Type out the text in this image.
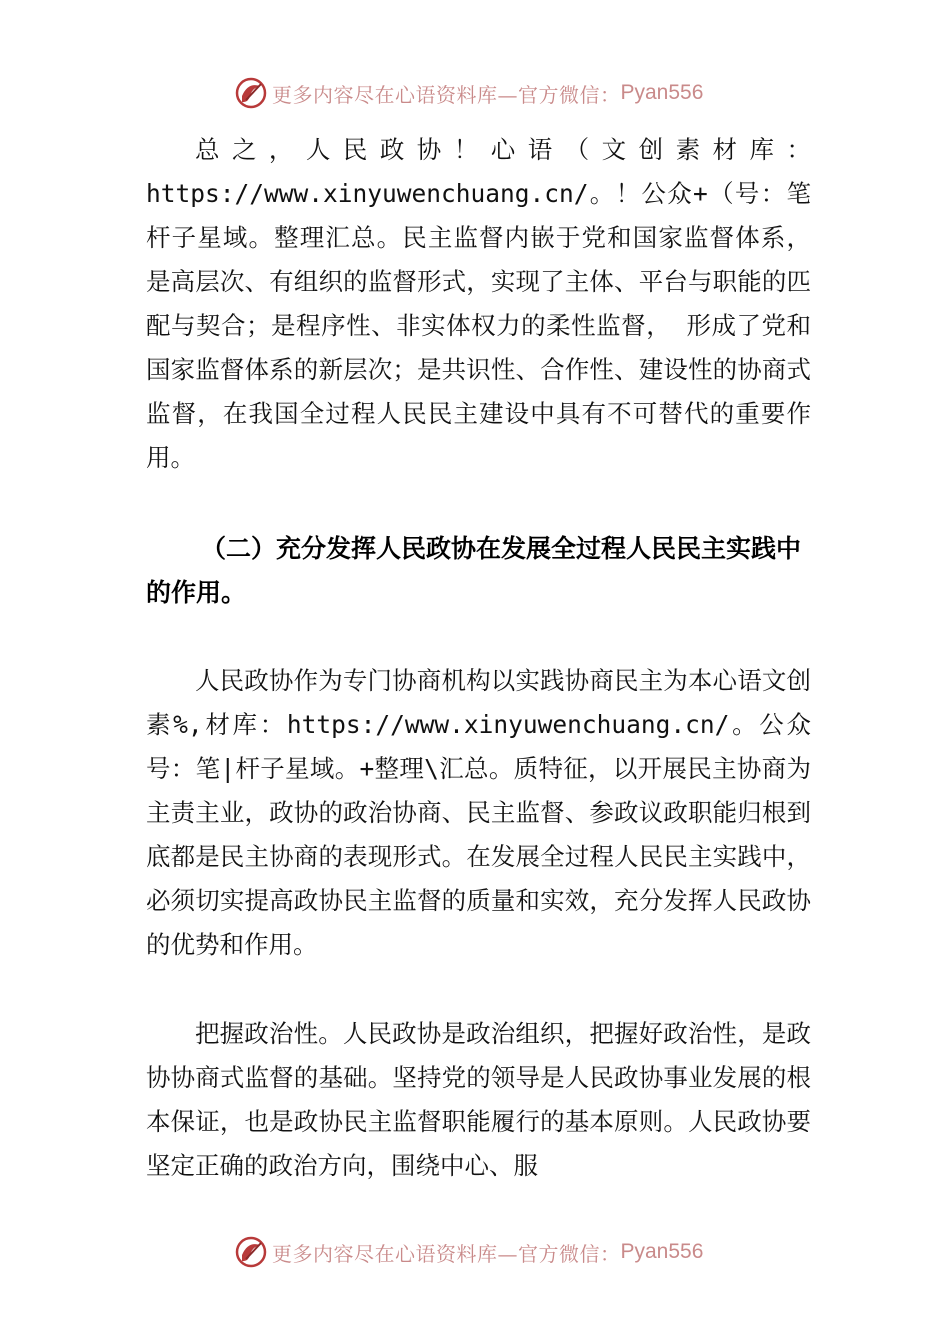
更多内容尽在心语资料库—官方微信： Pyan556

总之，人民政协！心语（文创素材库：https://www.xinyuwenchuang.cn/。！公众+（号：笔杆子星域。整理汇总。民主监督内嵌于党和国家监督体系， 是高层次、有组织的监督形式，实现了主体、平台与职能的匹配与契合；是程序性、非实体权力的柔性监督， 形成了党和国家监督体系的新层次；是共识性、合作性、建设性的协商式监督，在我国全过程人民民主建设中具有不可替代的重要作用。

（二）充分发挥人民政协在发展全过程人民民主实践中的作用。

人民政协作为专门协商机构以实践协商民主为本心语文创素%,材库：https://www.xinyuwenchuang.cn/。公众号：笔|杆子星域。+整理\汇总。质特征，以开展民主协商为主责主业，政协的政治协商、民主监督、参政议政职能归根到底都是民主协商的表现形式。在发展全过程人民民主实践中，必须切实提高政协民主监督的质量和实效，充分发挥人民政协的优势和作用。

把握政治性。人民政协是政治组织，把握好政治性，是政协协商式监督的基础。坚持党的领导是人民政协事业发展的根本保证，也是政协民主监督职能履行的基本原则。人民政协要坚定正确的政治方向，围绕中心、服

更多内容尽在心语资料库—官方微信： Pyan556
